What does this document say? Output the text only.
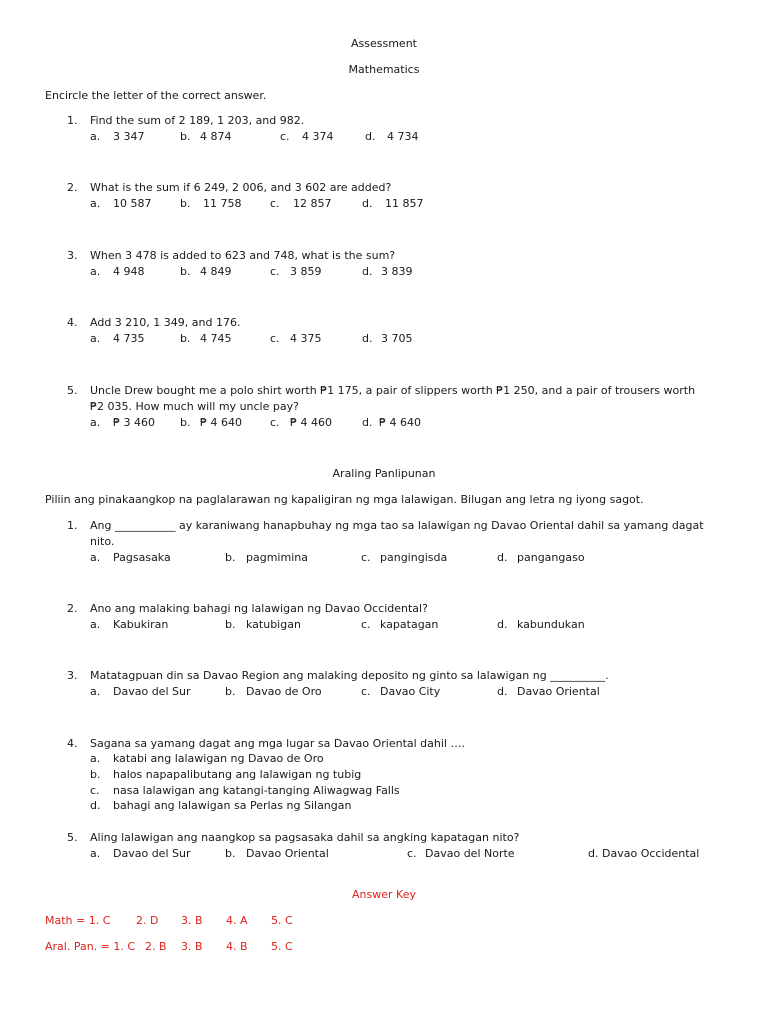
Assessment
Mathematics
Encircle the letter of the correct answer.
1. Find the sum of 2 189, 1 203, and 982.
a. 3 347	b. 4 874	c. 4 374	d. 4 734
2. What is the sum if 6 249, 2 006, and 3 602 are added?
a. 10 587	b. 11 758	c. 12 857	d. 11 857
3. When 3 478 is added to 623 and 748, what is the sum?
a. 4 948	b. 4 849	c. 3 859	d. 3 839
4. Add 3 210, 1 349, and 176.
a. 4 735	b. 4 745	c. 4 375	d. 3 705
5. Uncle Drew bought me a polo shirt worth ₱1 175, a pair of slippers worth ₱1 250, and a pair of trousers worth
₱2 035. How much will my uncle pay?
a. ₱ 3 460 b. ₱ 4 640	c. ₱ 4 460	d. ₱ 4 640
Araling Panlipunan
Piliin ang pinakaangkop na paglalarawan ng kapaligiran ng mga lalawigan. Bilugan ang letra ng iyong sagot.
1. Ang ___________ ay karaniwang hanapbuhay ng mga tao sa lalawigan ng Davao Oriental dahil sa yamang dagat
nito.
a. Pagsasaka	b. pagmimina	c. pangingisda	d. pangangaso
2. Ano ang malaking bahagi ng lalawigan ng Davao Occidental?
a. Kabukiran	b. katubigan	c. kapatagan	d. kabundukan
3. Matatagpuan din sa Davao Region ang malaking deposito ng ginto sa lalawigan ng __________.
a. Davao del Sur	b. Davao de Oro	c. Davao City	d. Davao Oriental
4. Sagana sa yamang dagat ang mga lugar sa Davao Oriental dahil ….
a. katabi ang lalawigan ng Davao de Oro
b. halos napapalibutang ang lalawigan ng tubig
c. nasa lalawigan ang katangi-tanging Aliwagwag Falls
d. bahagi ang lalawigan sa Perlas ng Silangan
5. Aling lalawigan ang naangkop sa pagsasaka dahil sa angking kapatagan nito?
a. Davao del Sur	b. Davao Oriental	c. Davao del Norte	d. Davao Occidental
Answer Key
Math = 1. C 2. D 3. B 4. A 5. C
Aral. Pan. = 1. C 2. B 3. B 4. B 5. C
